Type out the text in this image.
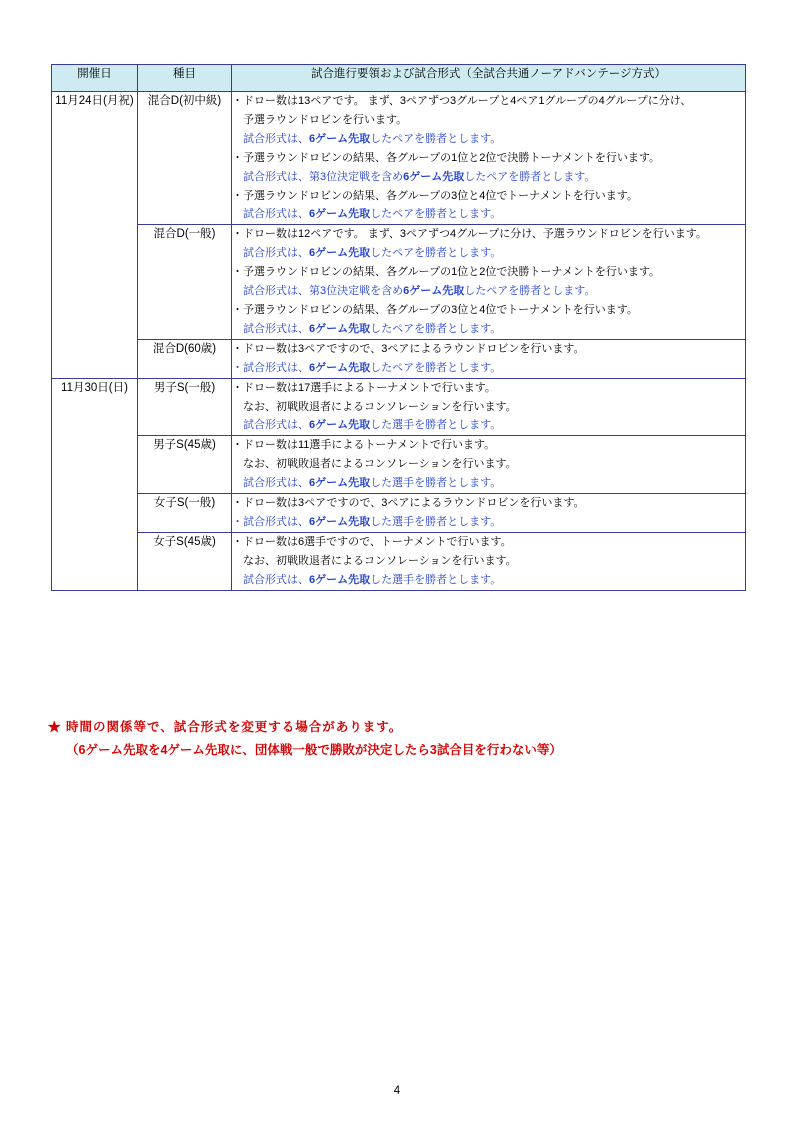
開催日	種目	試合進行要領および試合形式（全試合共通ノーアドバンテージ方式）
11月24日(月祝)	混合D(初中級)	・ドロー数は13ペアです。 まず、3ペアずつ3グループと4ペア1グループの4グループに分け、
予選ラウンドロビンを行います。
試合形式は、6ゲーム先取したペアを勝者とします。
・予選ラウンドロビンの結果、各グループの1位と2位で決勝トーナメントを行います。
試合形式は、第3位決定戦を含め6ゲーム先取したペアを勝者とします。
・予選ラウンドロビンの結果、各グループの3位と4位でトーナメントを行います。
試合形式は、6ゲーム先取したペアを勝者とします。

混合D(一般)	・ドロー数は12ペアです。 まず、3ペアずつ4グループに分け、予選ラウンドロビンを行います。
試合形式は、6ゲーム先取したペアを勝者とします。
・予選ラウンドロビンの結果、各グループの1位と2位で決勝トーナメントを行います。
試合形式は、第3位決定戦を含め6ゲーム先取したペアを勝者とします。
・予選ラウンドロビンの結果、各グループの3位と4位でトーナメントを行います。
試合形式は、6ゲーム先取したペアを勝者とします。

	混合D(60歳)	・ドロー数は3ペアですので、3ペアによるラウンドロビンを行います。
・試合形式は、6ゲーム先取したペアを勝者とします。

11月30日(日)	男子S(一般)	・ドロー数は17選手によるトーナメントで行います。
なお、初戦敗退者によるコンソレーションを行います。
試合形式は、6ゲーム先取した選手を勝者とします。

	男子S(45歳)	・ドロー数は11選手によるトーナメントで行います。
なお、初戦敗退者によるコンソレーションを行います。
試合形式は、6ゲーム先取した選手を勝者とします。

	女子S(一般)	・ドロー数は3ペアですので、3ペアによるラウンドロビンを行います。
・試合形式は、6ゲーム先取した選手を勝者とします。

	女子S(45歳)	・ドロー数は6選手ですので、トーナメントで行います。
なお、初戦敗退者によるコンソレーションを行います。
試合形式は、6ゲーム先取した選手を勝者とします。
★ 時間の関係等で、試合形式を変更する場合があります。
（6ゲーム先取を4ゲーム先取に、団体戦一般で勝敗が決定したら3試合目を行わない等）
4
